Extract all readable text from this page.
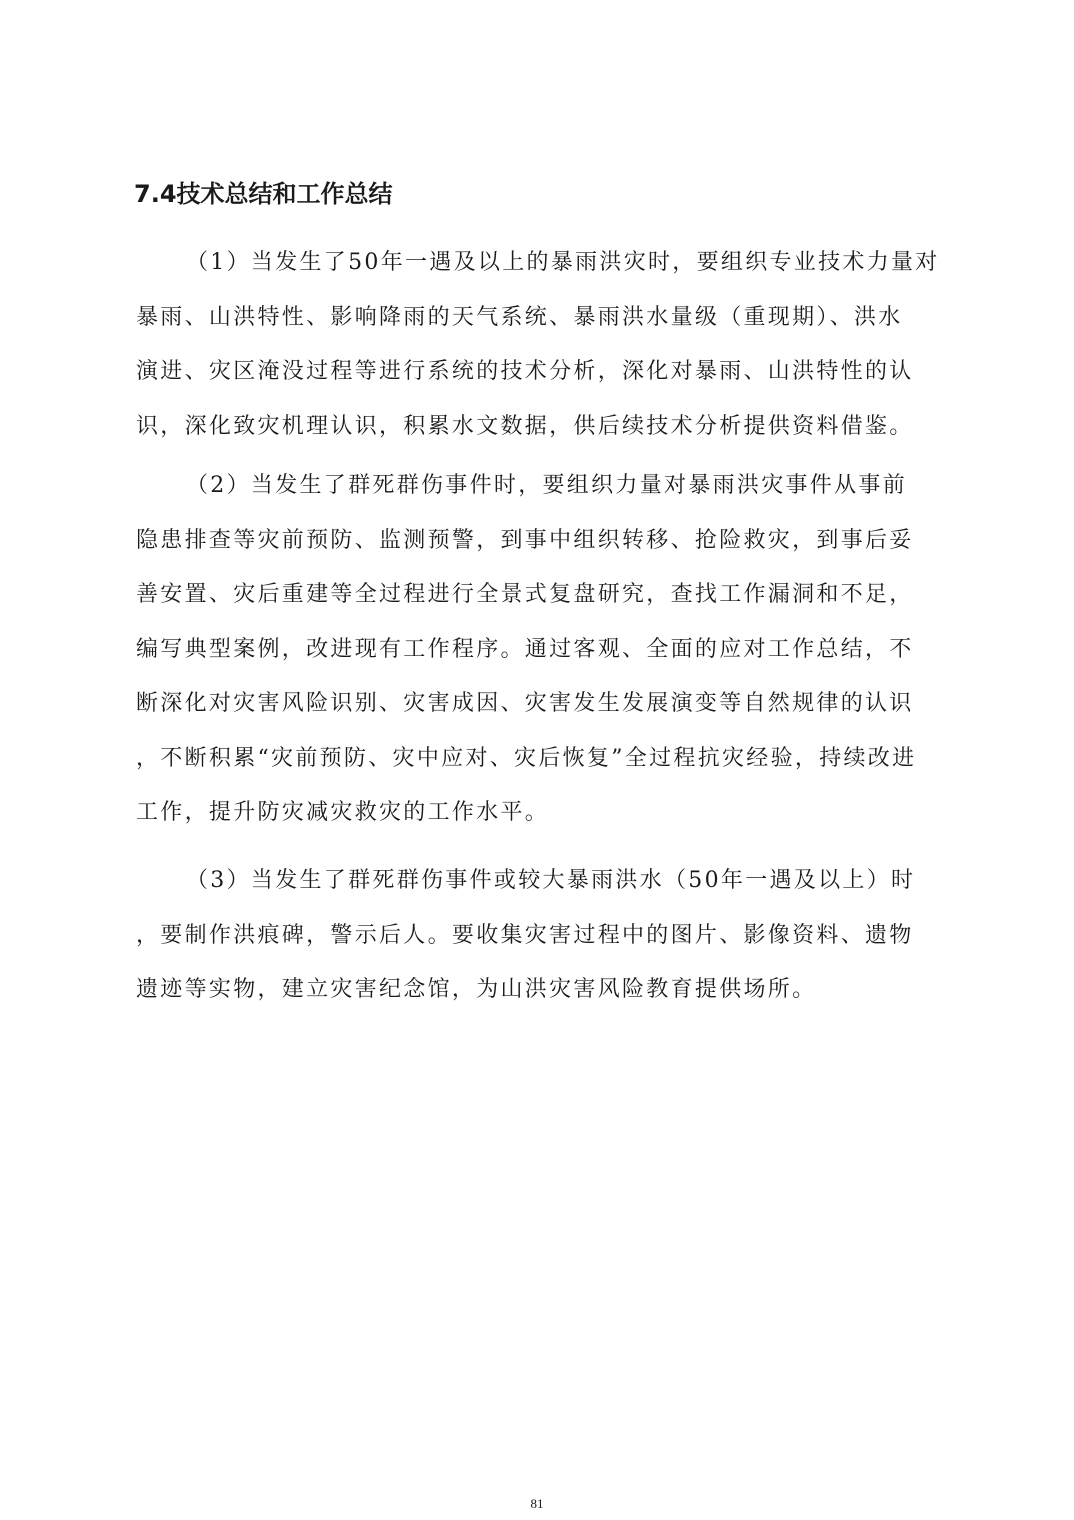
7.4技术总结和工作总结
（1）当发生了50年一遇及以上的暴雨洪灾时，要组织专业技术力量对
暴雨、山洪特性、影响降雨的天气系统、暴雨洪水量级（重现期）、洪水
演进、灾区淹没过程等进行系统的技术分析，深化对暴雨、山洪特性的认
识，深化致灾机理认识，积累水文数据，供后续技术分析提供资料借鉴。
（2）当发生了群死群伤事件时，要组织力量对暴雨洪灾事件从事前
隐患排查等灾前预防、监测预警，到事中组织转移、抢险救灾，到事后妥
善安置、灾后重建等全过程进行全景式复盘研究，查找工作漏洞和不足，
编写典型案例，改进现有工作程序。通过客观、全面的应对工作总结，不
断深化对灾害风险识别、灾害成因、灾害发生发展演变等自然规律的认识
，不断积累“灾前预防、灾中应对、灾后恢复”全过程抗灾经验，持续改进
工作，提升防灾减灾救灾的工作水平。
（3）当发生了群死群伤事件或较大暴雨洪水（50年一遇及以上）时
，要制作洪痕碑，警示后人。要收集灾害过程中的图片、影像资料、遗物
遗迹等实物，建立灾害纪念馆，为山洪灾害风险教育提供场所。
81
